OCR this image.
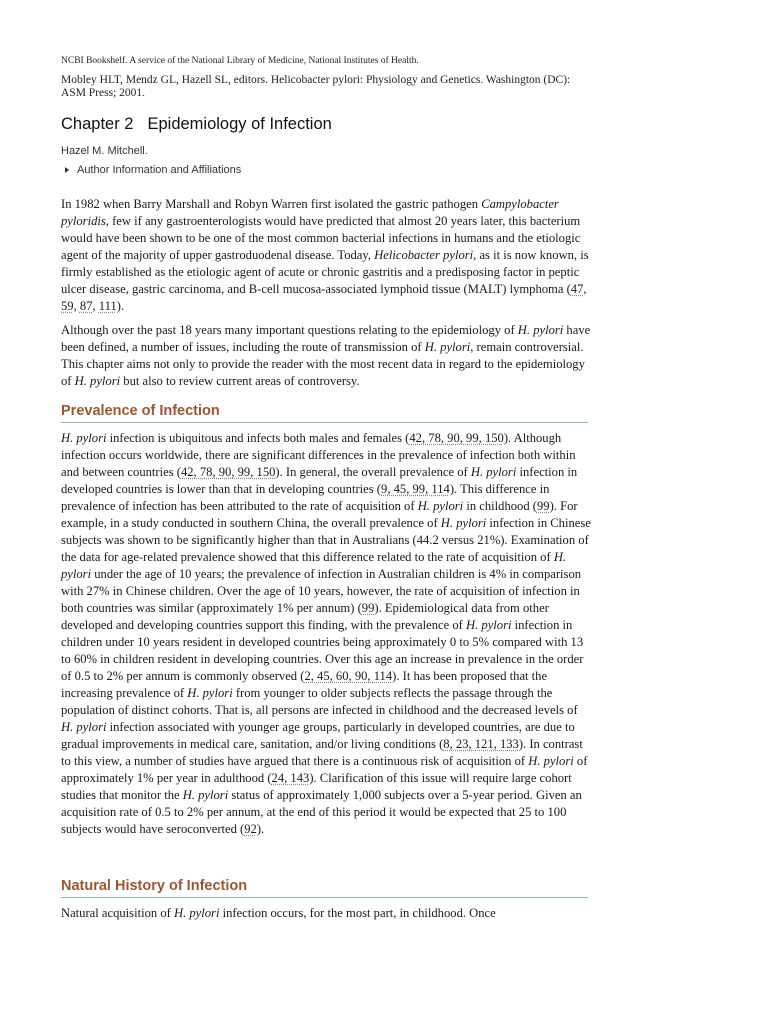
NCBI Bookshelf. A service of the National Library of Medicine, National Institutes of Health.
Mobley HLT, Mendz GL, Hazell SL, editors. Helicobacter pylori: Physiology and Genetics. Washington (DC): ASM Press; 2001.
Chapter 2 Epidemiology of Infection
Hazel M. Mitchell.
Author Information and Affiliations

In 1982 when Barry Marshall and Robyn Warren first isolated the gastric pathogen Campylobacter pyloridis, few if any gastroenterologists would have predicted that almost 20 years later, this bacterium would have been shown to be one of the most common bacterial infections in humans and the etiologic agent of the majority of upper gastroduodenal disease. Today, Helicobacter pylori, as it is now known, is firmly established as the etiologic agent of acute or chronic gastritis and a predisposing factor in peptic ulcer disease, gastric carcinoma, and B-cell mucosa-associated lymphoid tissue (MALT) lymphoma (47, 59, 87, 111).

Although over the past 18 years many important questions relating to the epidemiology of H. pylori have been defined, a number of issues, including the route of transmission of H. pylori, remain controversial. This chapter aims not only to provide the reader with the most recent data in regard to the epidemiology of H. pylori but also to review current areas of controversy.

Prevalence of Infection

H. pylori infection is ubiquitous and infects both males and females (42, 78, 90, 99, 150). Although infection occurs worldwide, there are significant differences in the prevalence of infection both within and between countries (42, 78, 90, 99, 150). In general, the overall prevalence of H. pylori infection in developed countries is lower than that in developing countries (9, 45, 99, 114). This difference in prevalence of infection has been attributed to the rate of acquisition of H. pylori in childhood (99). For example, in a study conducted in southern China, the overall prevalence of H. pylori infection in Chinese subjects was shown to be significantly higher than that in Australians (44.2 versus 21%). Examination of the data for age-related prevalence showed that this difference related to the rate of acquisition of H. pylori under the age of 10 years; the prevalence of infection in Australian children is 4% in comparison with 27% in Chinese children. Over the age of 10 years, however, the rate of acquisition of infection in both countries was similar (approximately 1% per annum) (99). Epidemiological data from other developed and developing countries support this finding, with the prevalence of H. pylori infection in children under 10 years resident in developed countries being approximately 0 to 5% compared with 13 to 60% in children resident in developing countries. Over this age an increase in prevalence in the order of 0.5 to 2% per annum is commonly observed (2, 45, 60, 90, 114). It has been proposed that the increasing prevalence of H. pylori from younger to older subjects reflects the passage through the population of distinct cohorts. That is, all persons are infected in childhood and the decreased levels of H. pylori infection associated with younger age groups, particularly in developed countries, are due to gradual improvements in medical care, sanitation, and/or living conditions (8, 23, 121, 133). In contrast to this view, a number of studies have argued that there is a continuous risk of acquisition of H. pylori of approximately 1% per year in adulthood (24, 143). Clarification of this issue will require large cohort studies that monitor the H. pylori status of approximately 1,000 subjects over a 5-year period. Given an acquisition rate of 0.5 to 2% per annum, at the end of this period it would be expected that 25 to 100 subjects would have seroconverted (92).

Natural History of Infection

Natural acquisition of H. pylori infection occurs, for the most part, in childhood. Once
